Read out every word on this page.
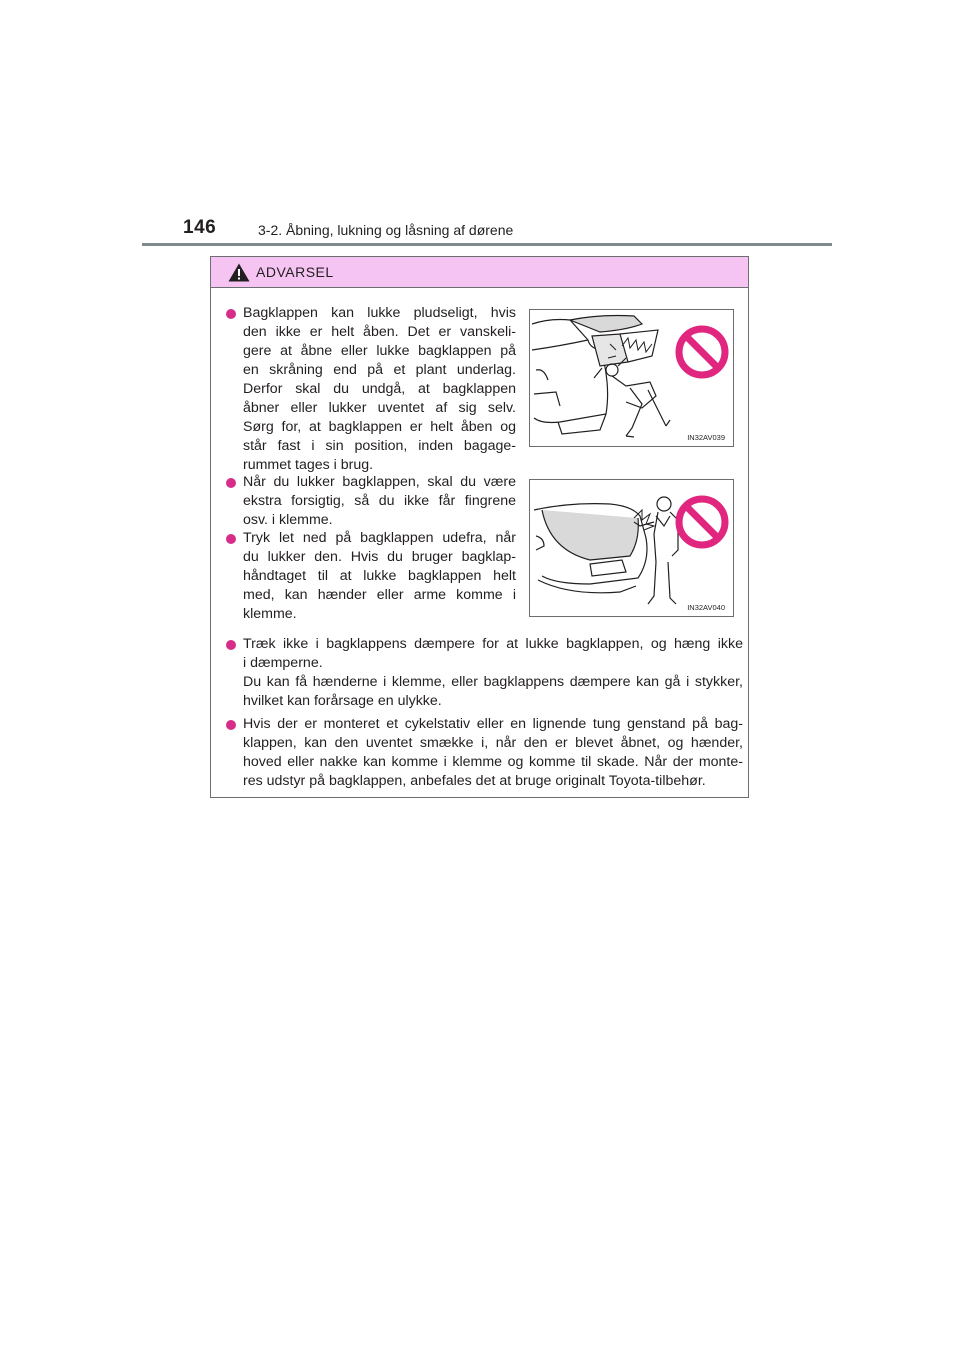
146	3-2. Åbning, lukning og låsning af dørene
ADVARSEL
Bagklappen kan lukke pludseligt, hvis
den ikke er helt åben. Det er vanskeli-
gere at åbne eller lukke bagklappen på
en skråning end på et plant underlag.
Derfor skal du undgå, at bagklappen
åbner eller lukker uventet af sig selv.
Sørg for, at bagklappen er helt åben og
står fast i sin position, inden bagage-
rummet tages i brug.
Når du lukker bagklappen, skal du være
ekstra forsigtig, så du ikke får fingrene
osv. i klemme.
Tryk let ned på bagklappen udefra, når
du lukker den. Hvis du bruger bagklap-
håndtaget til at lukke bagklappen helt
med, kan hænder eller arme komme i
klemme.
Træk ikke i bagklappens dæmpere for at lukke bagklappen, og hæng ikke
i dæmperne.
Du kan få hænderne i klemme, eller bagklappens dæmpere kan gå i stykker,
hvilket kan forårsage en ulykke.
Hvis der er monteret et cykelstativ eller en lignende tung genstand på bag-
klappen, kan den uventet smække i, når den er blevet åbnet, og hænder,
hoved eller nakke kan komme i klemme og komme til skade. Når der monte-
res udstyr på bagklappen, anbefales det at bruge originalt Toyota-tilbehør.
IN32AV039
IN32AV040
